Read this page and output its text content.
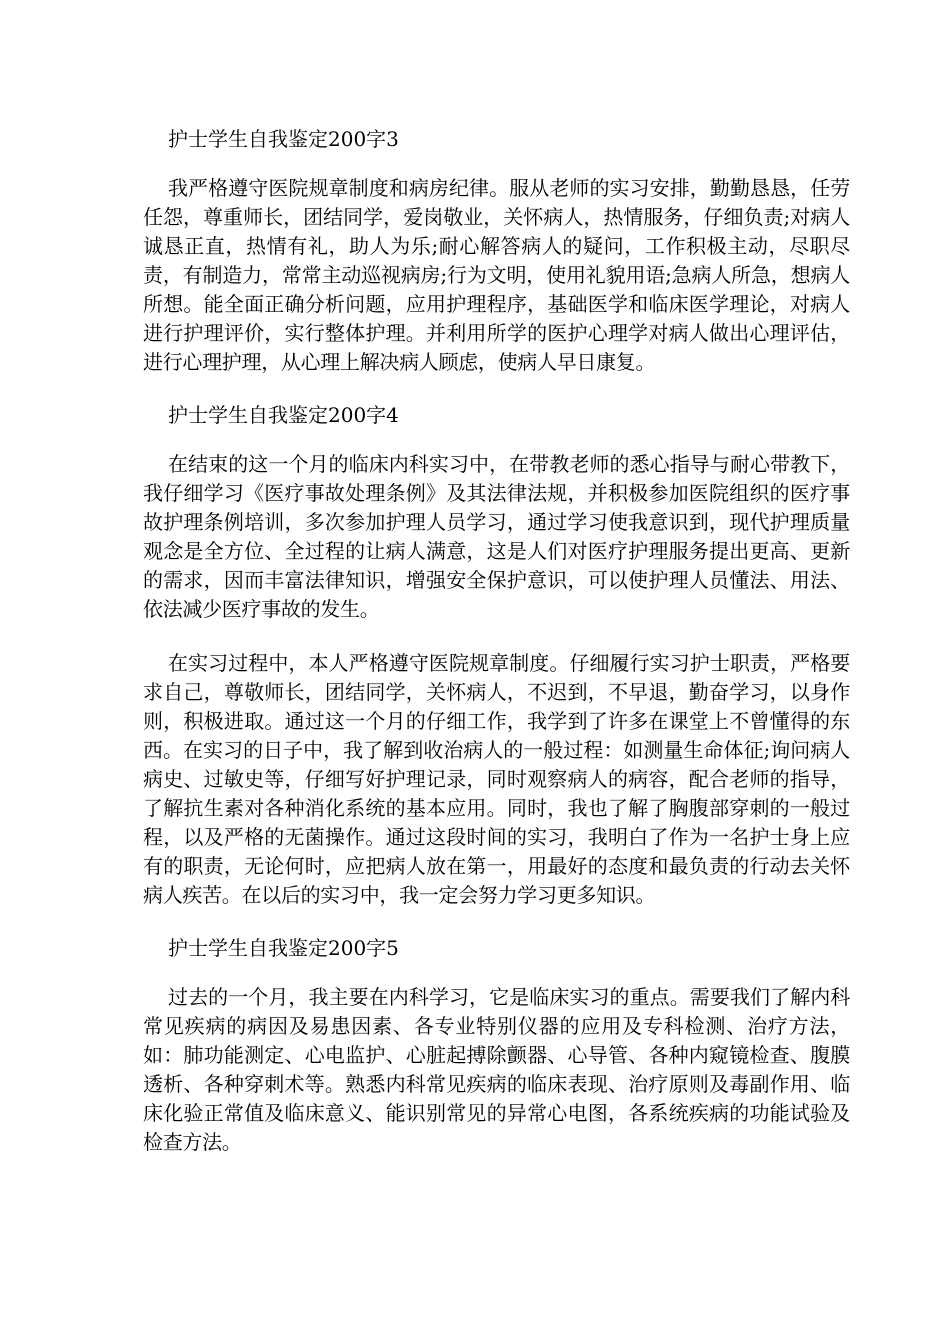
护士学生自我鉴定200字3

我严格遵守医院规章制度和病房纪律。服从老师的实习安排，勤勤恳恳，任劳任怨，尊重师长，团结同学，爱岗敬业，关怀病人，热情服务，仔细负责;对病人诚恳正直，热情有礼，助人为乐;耐心解答病人的疑问，工作积极主动，尽职尽责，有制造力，常常主动巡视病房;行为文明，使用礼貌用语;急病人所急，想病人所想。能全面正确分析问题，应用护理程序，基础医学和临床医学理论，对病人进行护理评价，实行整体护理。并利用所学的医护心理学对病人做出心理评估，进行心理护理，从心理上解决病人顾虑，使病人早日康复。

护士学生自我鉴定200字4

在结束的这一个月的临床内科实习中，在带教老师的悉心指导与耐心带教下，我仔细学习《医疗事故处理条例》及其法律法规，并积极参加医院组织的医疗事故护理条例培训，多次参加护理人员学习，通过学习使我意识到，现代护理质量观念是全方位、全过程的让病人满意，这是人们对医疗护理服务提出更高、更新的需求，因而丰富法律知识，增强安全保护意识，可以使护理人员懂法、用法、依法减少医疗事故的发生。

在实习过程中，本人严格遵守医院规章制度。仔细履行实习护士职责，严格要求自己，尊敬师长，团结同学，关怀病人，不迟到，不早退，勤奋学习，以身作则，积极进取。通过这一个月的仔细工作，我学到了许多在课堂上不曾懂得的东西。在实习的日子中，我了解到收治病人的一般过程：如测量生命体征;询问病人病史、过敏史等，仔细写好护理记录，同时观察病人的病容，配合老师的指导，了解抗生素对各种消化系统的基本应用。同时，我也了解了胸腹部穿刺的一般过程，以及严格的无菌操作。通过这段时间的实习，我明白了作为一名护士身上应有的职责，无论何时，应把病人放在第一，用最好的态度和最负责的行动去关怀病人疾苦。在以后的实习中，我一定会努力学习更多知识。

护士学生自我鉴定200字5

过去的一个月，我主要在内科学习，它是临床实习的重点。需要我们了解内科常见疾病的病因及易患因素、各专业特别仪器的应用及专科检测、治疗方法，如：肺功能测定、心电监护、心脏起搏除颤器、心导管、各种内窥镜检查、腹膜透析、各种穿刺术等。熟悉内科常见疾病的临床表现、治疗原则及毒副作用、临床化验正常值及临床意义、能识别常见的异常心电图，各系统疾病的功能试验及检查方法。
